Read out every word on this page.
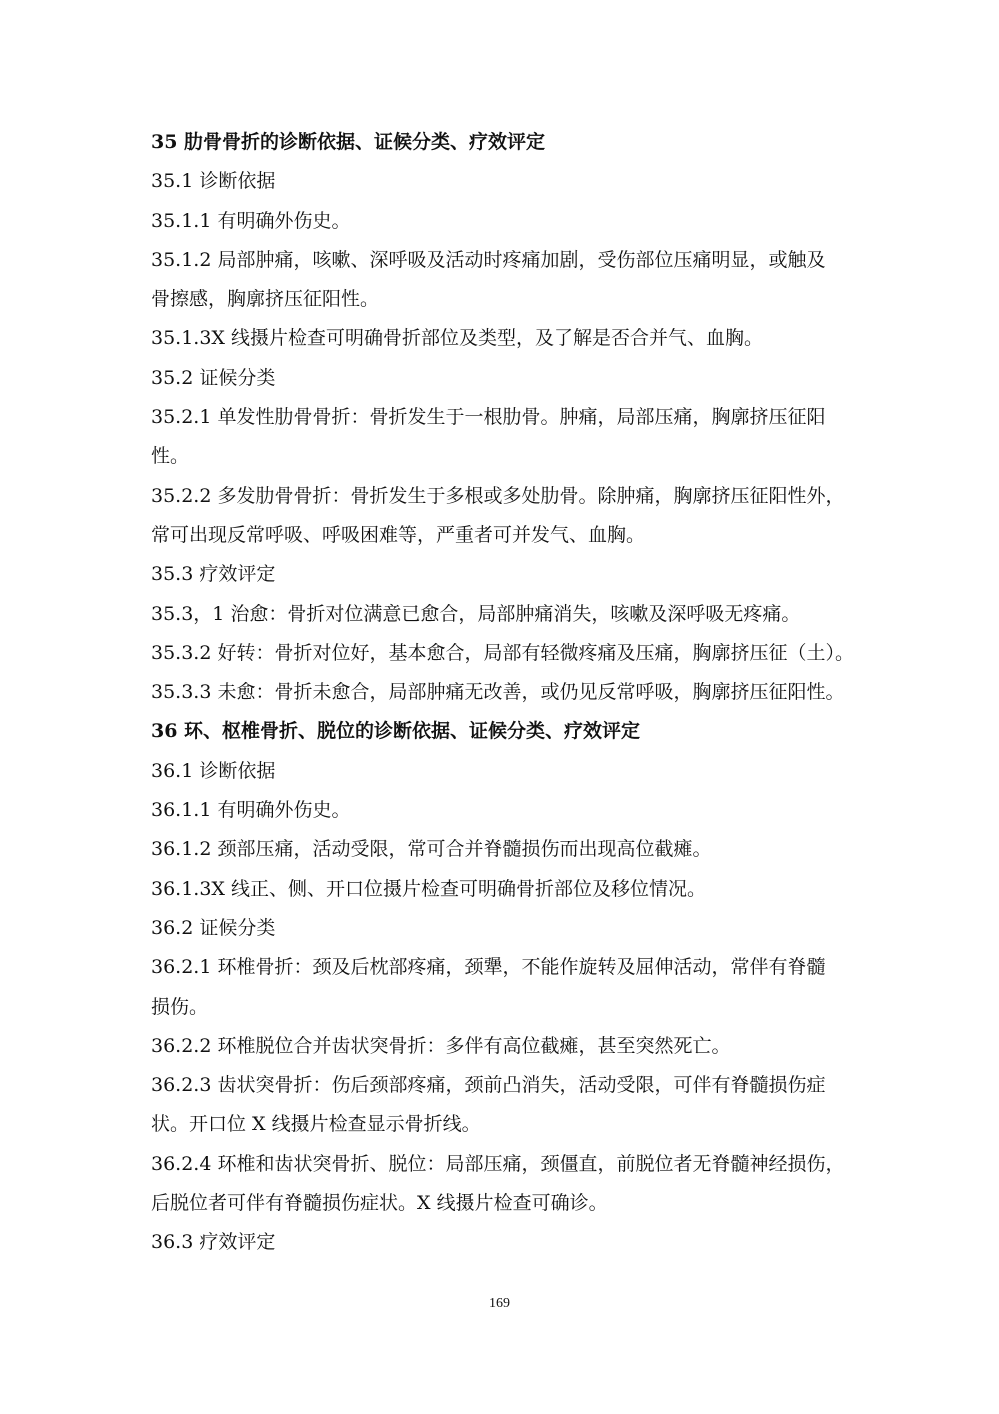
35 肋骨骨折的诊断依据、证候分类、疗效评定
35.1 诊断依据
35.1.1 有明确外伤史。
35.1.2 局部肿痛，咳嗽、深呼吸及活动时疼痛加剧，受伤部位压痛明显，或触及
骨擦感，胸廓挤压征阳性。
35.1.3X 线摄片检查可明确骨折部位及类型，及了解是否合并气、血胸。
35.2 证候分类
35.2.1 单发性肋骨骨折：骨折发生于一根肋骨。肿痛，局部压痛，胸廓挤压征阳
性。
35.2.2 多发肋骨骨折：骨折发生于多根或多处肋骨。除肿痛，胸廓挤压征阳性外，
常可出现反常呼吸、呼吸困难等，严重者可并发气、血胸。
35.3 疗效评定
35.3，1 治愈：骨折对位满意已愈合，局部肿痛消失，咳嗽及深呼吸无疼痛。
35.3.2 好转：骨折对位好，基本愈合，局部有轻微疼痛及压痛，胸廓挤压征（土）。
35.3.3 未愈：骨折未愈合，局部肿痛无改善，或仍见反常呼吸，胸廓挤压征阳性。
36 环、枢椎骨折、脱位的诊断依据、证候分类、疗效评定
36.1 诊断依据
36.1.1 有明确外伤史。
36.1.2 颈部压痛，活动受限，常可合并脊髓损伤而出现高位截瘫。
36.1.3X 线正、侧、开口位摄片检查可明确骨折部位及移位情况。
36.2 证候分类
36.2.1 环椎骨折：颈及后枕部疼痛，颈犟，不能作旋转及屈伸活动，常伴有脊髓
损伤。
36.2.2 环椎脱位合并齿状突骨折：多伴有高位截瘫，甚至突然死亡。
36.2.3 齿状突骨折：伤后颈部疼痛，颈前凸消失，活动受限，可伴有脊髓损伤症
状。开口位 X 线摄片检查显示骨折线。
36.2.4 环椎和齿状突骨折、脱位：局部压痛，颈僵直，前脱位者无脊髓神经损伤，
后脱位者可伴有脊髓损伤症状。X 线摄片检查可确诊。
36.3 疗效评定
169
